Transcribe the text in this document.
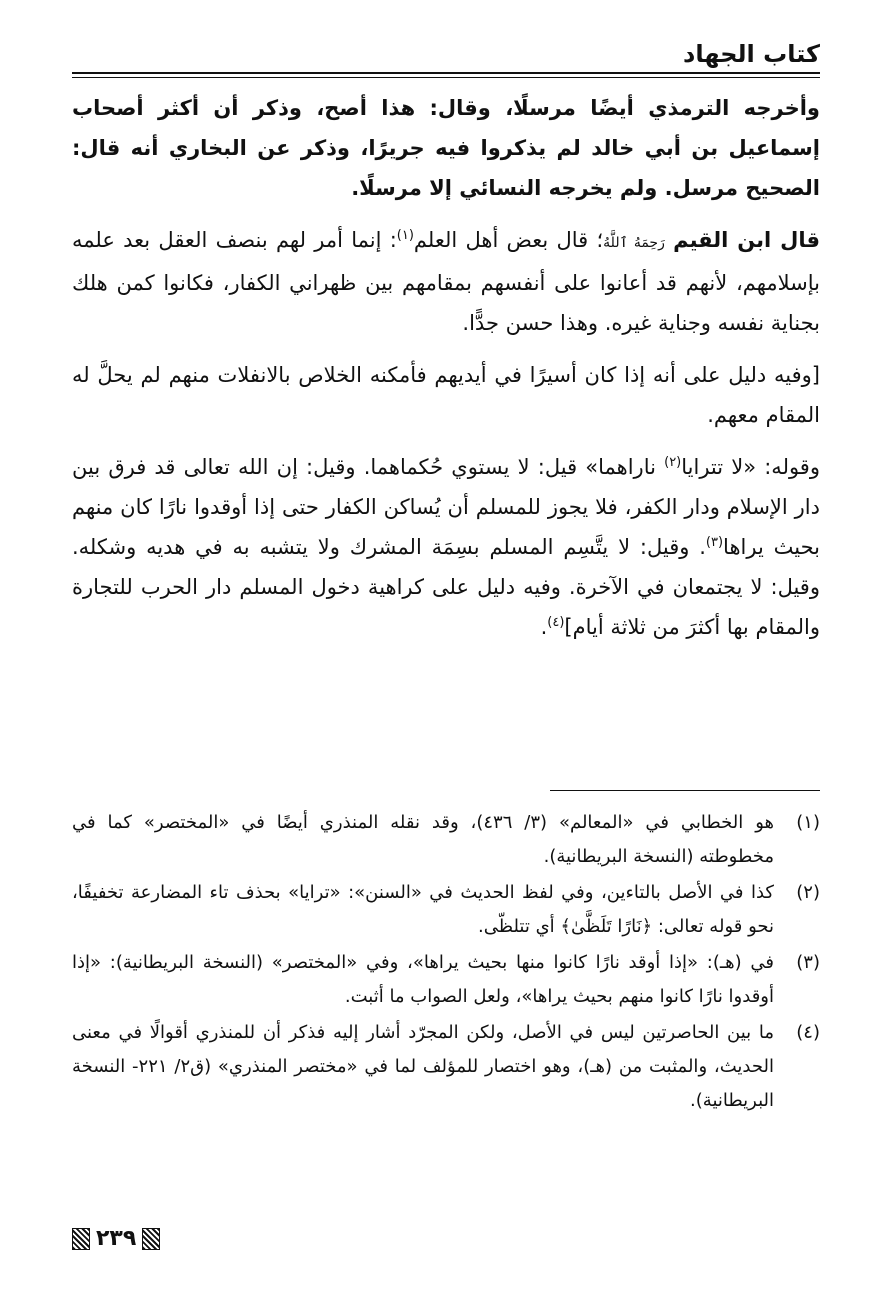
كتاب الجهاد

وأخرجه الترمذي أيضًا مرسلًا، وقال: هذا أصح، وذكر أن أكثر أصحاب إسماعيل بن أبي خالد لم يذكروا فيه جريرًا، وذكر عن البخاري أنه قال: الصحيح مرسل. ولم يخرجه النسائي إلا مرسلًا.

قال ابن القيم رَحِمَهُ ٱللَّهُ؛ قال بعض أهل العلم$^{(١)}$: إنما أمر لهم بنصف العقل بعد علمه بإسلامهم، لأنهم قد أعانوا على أنفسهم بمقامهم بين ظهراني الكفار، فكانوا كمن هلك بجناية نفسه وجناية غيره. وهذا حسن جدًّا.

[وفيه دليل على أنه إذا كان أسيرًا في أيديهم فأمكنه الخلاص بالانفلات منهم لم يحلَّ له المقام معهم.

وقوله: «لا تترايا$^{(٢)}$ ناراهما» قيل: لا يستوي حُكماهما. وقيل: إن الله تعالى قد فرق بين دار الإسلام ودار الكفر، فلا يجوز للمسلم أن يُساكن الكفار حتى إذا أوقدوا نارًا كان منهم بحيث يراها$^{(٣)}$. وقيل: لا يتَّسِم المسلم بسِمَة المشرك ولا يتشبه به في هديه وشكله. وقيل: لا يجتمعان في الآخرة. وفيه دليل على كراهية دخول المسلم دار الحرب للتجارة والمقام بها أكثرَ من ثلاثة أيام]$^{(٤)}$.

(١)
هو الخطابي في «المعالم» (٣/ ٤٣٦)، وقد نقله المنذري أيضًا في «المختصر» كما في مخطوطته (النسخة البريطانية).
(٢)
كذا في الأصل بالتاءين، وفي لفظ الحديث في «السنن»: «ترايا» بحذف تاء المضارعة تخفيفًا، نحو قوله تعالى: ﴿نَارًا تَلَظَّىٰ﴾ أي تتلظّى.
(٣)
في (هـ): «إذا أوقد نارًا كانوا منها بحيث يراها»، وفي «المختصر» (النسخة البريطانية): «إذا أوقدوا نارًا كانوا منهم بحيث يراها»، ولعل الصواب ما أثبت.
(٤)
ما بين الحاصرتين ليس في الأصل، ولكن المجرّد أشار إليه فذكر أن للمنذري أقوالًا في معنى الحديث، والمثبت من (هـ)، وهو اختصار للمؤلف لما في «مختصر المنذري» (ق٢/ ٢٢١- النسخة البريطانية).
٢٣٩
